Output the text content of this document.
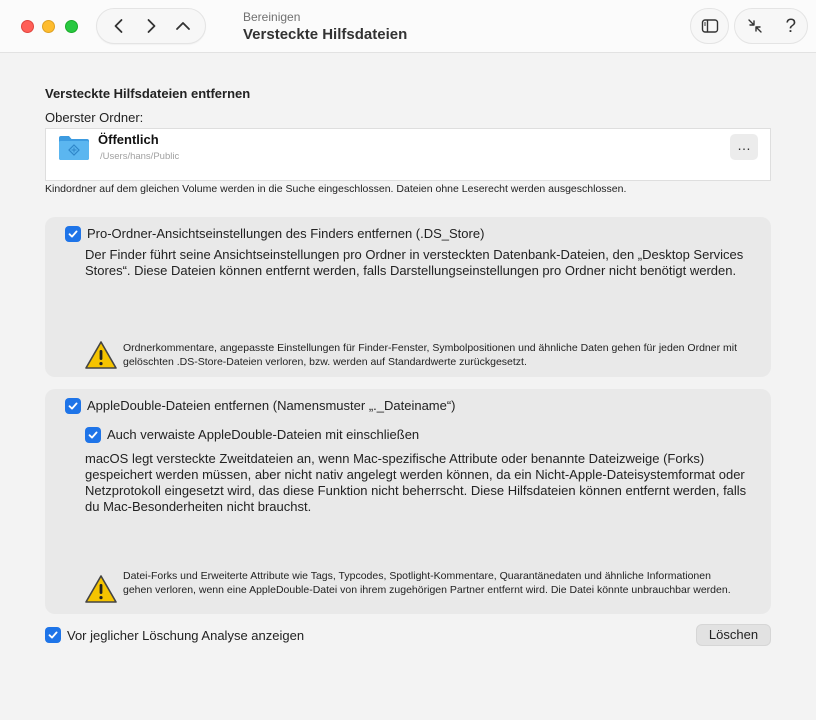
Bereinigen
Versteckte Hilfsdateien	?
Versteckte Hilfsdateien entfernen
Oberster Ordner:
Öffentlich
/Users/hans/Public
…
Kindordner auf dem gleichen Volume werden in die Suche eingeschlossen. Dateien ohne Leserecht werden ausgeschlossen.
Pro-Ordner-Ansichtseinstellungen des Finders entfernen (.DS_Store)
Der Finder führt seine Ansichtseinstellungen pro Ordner in versteckten Datenbank-Dateien, den „Desktop Services Stores“. Diese Dateien können entfernt werden, falls Darstellungseinstellungen pro Ordner nicht benötigt werden.
Ordnerkommentare, angepasste Einstellungen für Finder-Fenster, Symbolpositionen und ähnliche Daten gehen für jeden Ordner mit gelöschten .DS-Store-Dateien verloren, bzw. werden auf Standardwerte zurückgesetzt.
AppleDouble-Dateien entfernen (Namensmuster „._Dateiname“)
Auch verwaiste AppleDouble-Dateien mit einschließen
macOS legt versteckte Zweitdateien an, wenn Mac-spezifische Attribute oder benannte Dateizweige (Forks) gespeichert werden müssen, aber nicht nativ angelegt werden können, da ein Nicht-Apple-Dateisystemformat oder Netzprotokoll eingesetzt wird, das diese Funktion nicht beherrscht. Diese Hilfsdateien können entfernt werden, falls du Mac-Besonderheiten nicht brauchst.
Datei-Forks und Erweiterte Attribute wie Tags, Typcodes, Spotlight-Kommentare, Quarantänedaten und ähnliche Informationen gehen verloren, wenn eine AppleDouble-Datei von ihrem zugehörigen Partner entfernt wird. Die Datei könnte unbrauchbar werden.
Vor jeglicher Löschung Analyse anzeigen	Löschen
